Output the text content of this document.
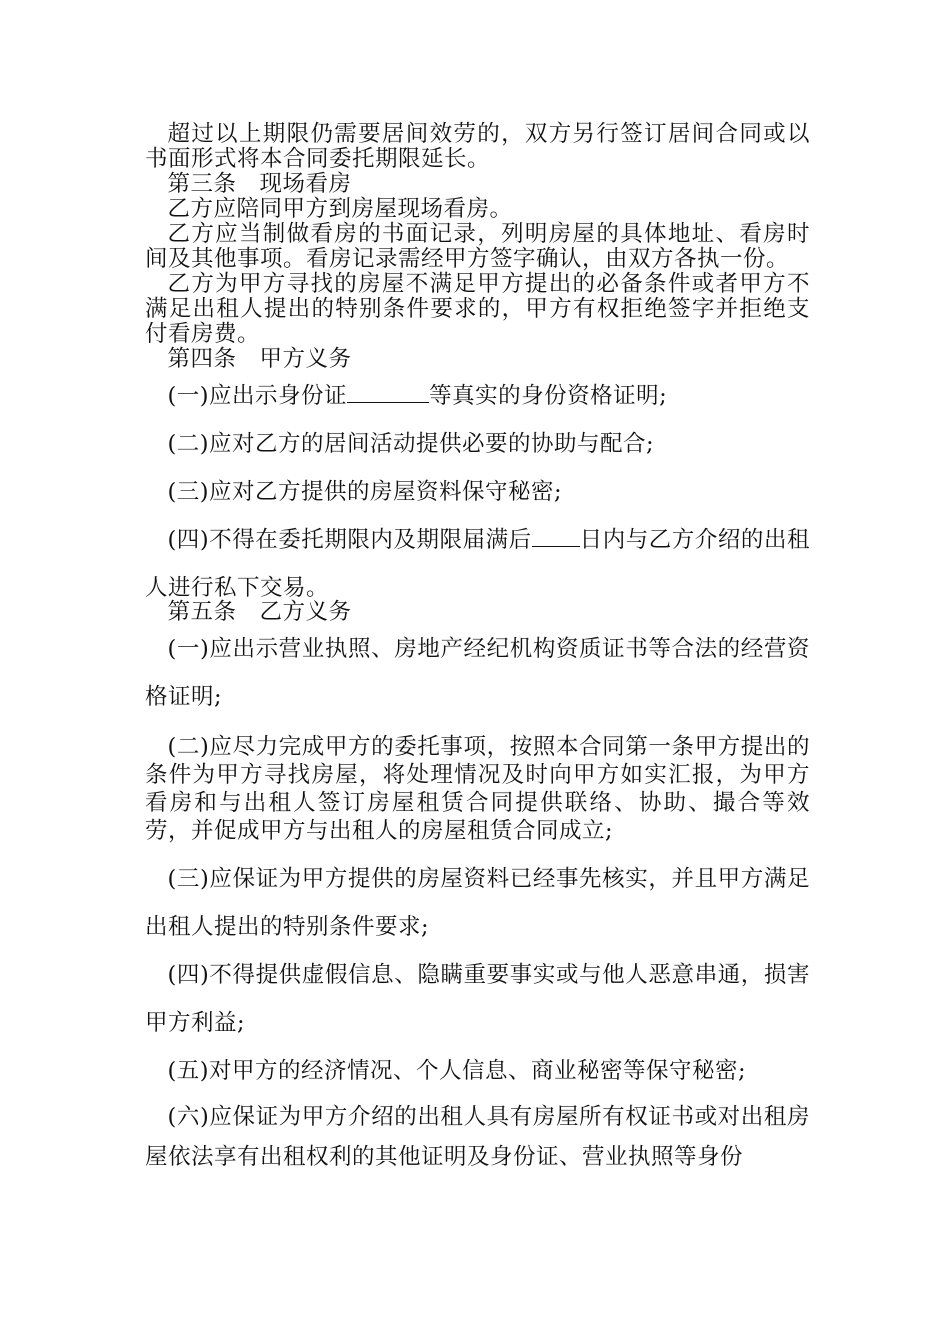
超过以上期限仍需要居间效劳的，双方另行签订居间合同或以书面形式将本合同委托期限延长。

第三条　现场看房

乙方应陪同甲方到房屋现场看房。

乙方应当制做看房的书面记录，列明房屋的具体地址、看房时间及其他事项。看房记录需经甲方签字确认，由双方各执一份。

乙方为甲方寻找的房屋不满足甲方提出的必备条件或者甲方不满足出租人提出的特别条件要求的，甲方有权拒绝签字并拒绝支付看房费。

第四条　甲方义务

(一)应出示身份证	等真实的身份资格证明;

(二)应对乙方的居间活动提供必要的协助与配合;

(三)应对乙方提供的房屋资料保守秘密;

(四)不得在委托期限内及期限届满后 日内与乙方介绍的出租人进行私下交易。

第五条　乙方义务

(一)应出示营业执照、房地产经纪机构资质证书等合法的经营资格证明;

(二)应尽力完成甲方的委托事项，按照本合同第一条甲方提出的条件为甲方寻找房屋，将处理情况及时向甲方如实汇报，为甲方看房和与出租人签订房屋租赁合同提供联络、协助、撮合等效劳，并促成甲方与出租人的房屋租赁合同成立;

(三)应保证为甲方提供的房屋资料已经事先核实，并且甲方满足出租人提出的特别条件要求;

(四)不得提供虚假信息、隐瞒重要事实或与他人恶意串通，损害甲方利益;

(五)对甲方的经济情况、个人信息、商业秘密等保守秘密;

(六)应保证为甲方介绍的出租人具有房屋所有权证书或对出租房屋依法享有出租权利的其他证明及身份证、营业执照等身份
